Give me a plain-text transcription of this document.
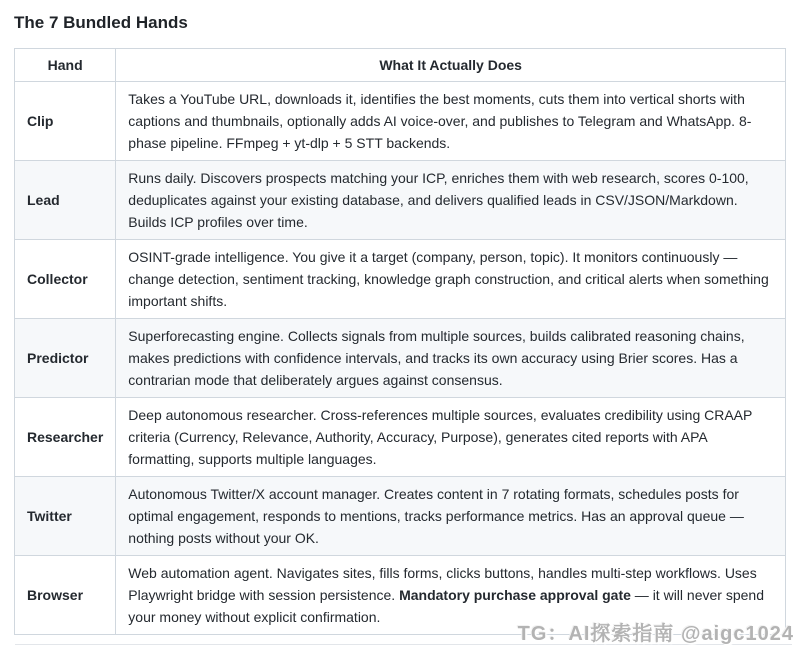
The 7 Bundled Hands
Hand	What It Actually Does
Clip	Takes a YouTube URL, downloads it, identifies the best moments, cuts them into vertical shorts with captions and thumbnails, optionally adds AI voice-over, and publishes to Telegram and WhatsApp. 8-phase pipeline. FFmpeg + yt-dlp + 5 STT backends.
Lead	Runs daily. Discovers prospects matching your ICP, enriches them with web research, scores 0-100, deduplicates against your existing database, and delivers qualified leads in CSV/JSON/Markdown. Builds ICP profiles over time.
Collector	OSINT-grade intelligence. You give it a target (company, person, topic). It monitors continuously — change detection, sentiment tracking, knowledge graph construction, and critical alerts when something important shifts.
Predictor	Superforecasting engine. Collects signals from multiple sources, builds calibrated reasoning chains, makes predictions with confidence intervals, and tracks its own accuracy using Brier scores. Has a contrarian mode that deliberately argues against consensus.
Researcher	Deep autonomous researcher. Cross-references multiple sources, evaluates credibility using CRAAP criteria (Currency, Relevance, Authority, Accuracy, Purpose), generates cited reports with APA formatting, supports multiple languages.
Twitter	Autonomous Twitter/X account manager. Creates content in 7 rotating formats, schedules posts for optimal engagement, responds to mentions, tracks performance metrics. Has an approval queue — nothing posts without your OK.
Browser	Web automation agent. Navigates sites, fills forms, clicks buttons, handles multi-step workflows. Uses Playwright bridge with session persistence. Mandatory purchase approval gate — it will never spend your money without explicit confirmation.
TG：AI探索指南 @aigc1024
